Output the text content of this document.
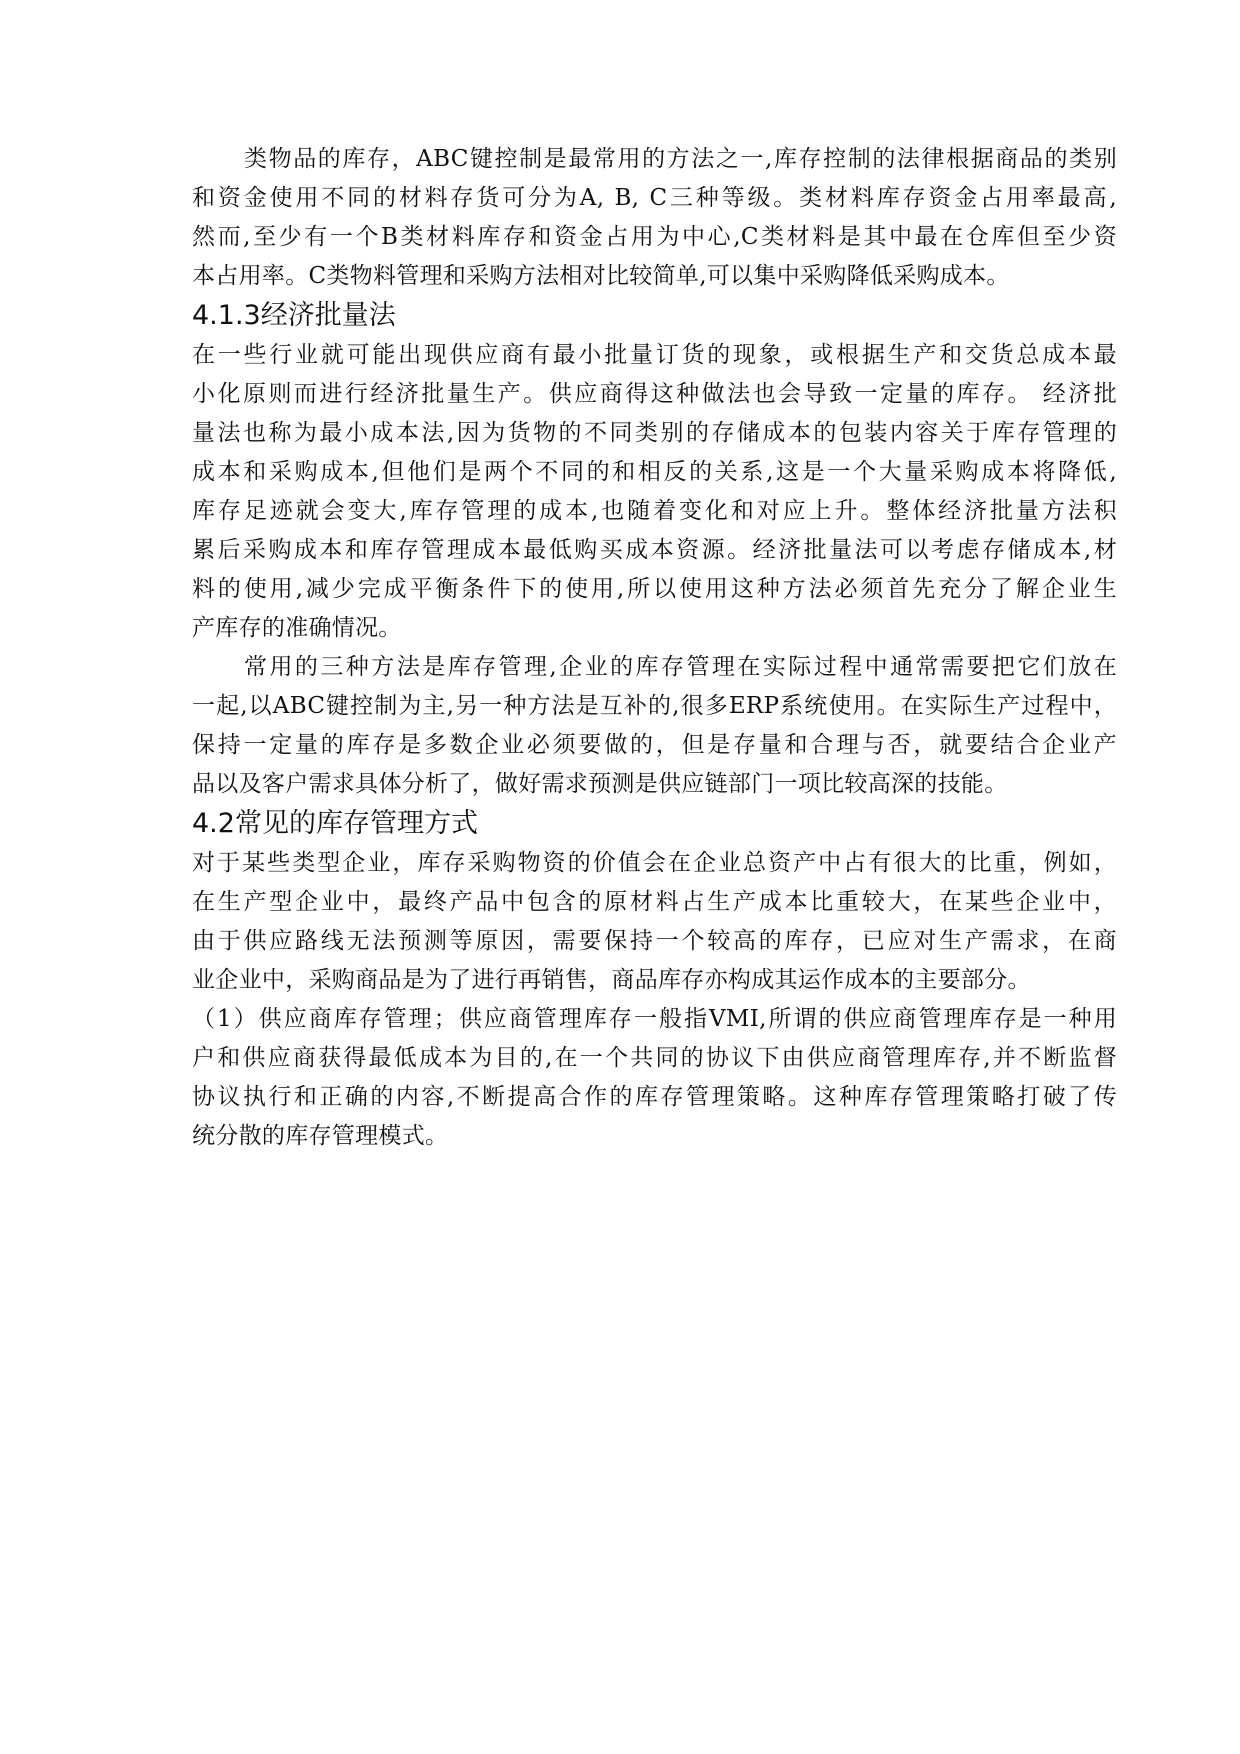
类物品的库存，ABC键控制是最常用的方法之一,库存控制的法律根据商品的类别
和资金使用不同的材料存货可分为A, B, C三种等级。类材料库存资金占用率最高,
然而,至少有一个B类材料库存和资金占用为中心,C类材料是其中最在仓库但至少资
本占用率。C类物料管理和采购方法相对比较简单,可以集中采购降低采购成本。
4.1.3经济批量法
在一些行业就可能出现供应商有最小批量订货的现象，或根据生产和交货总成本最
小化原则而进行经济批量生产。供应商得这种做法也会导致一定量的库存。 经济批
量法也称为最小成本法,因为货物的不同类别的存储成本的包装内容关于库存管理的
成本和采购成本,但他们是两个不同的和相反的关系,这是一个大量采购成本将降低,
库存足迹就会变大,库存管理的成本,也随着变化和对应上升。整体经济批量方法积
累后采购成本和库存管理成本最低购买成本资源。经济批量法可以考虑存储成本,材
料的使用,减少完成平衡条件下的使用,所以使用这种方法必须首先充分了解企业生
产库存的准确情况。
常用的三种方法是库存管理,企业的库存管理在实际过程中通常需要把它们放在
一起,以ABC键控制为主,另一种方法是互补的,很多ERP系统使用。在实际生产过程中，
保持一定量的库存是多数企业必须要做的，但是存量和合理与否，就要结合企业产
品以及客户需求具体分析了，做好需求预测是供应链部门一项比较高深的技能。
4.2常见的库存管理方式
对于某些类型企业，库存采购物资的价值会在企业总资产中占有很大的比重，例如，
在生产型企业中，最终产品中包含的原材料占生产成本比重较大，在某些企业中，
由于供应路线无法预测等原因，需要保持一个较高的库存，已应对生产需求，在商
业企业中，采购商品是为了进行再销售，商品库存亦构成其运作成本的主要部分。
（1）供应商库存管理；供应商管理库存一般指VMI,所谓的供应商管理库存是一种用
户和供应商获得最低成本为目的,在一个共同的协议下由供应商管理库存,并不断监督
协议执行和正确的内容,不断提高合作的库存管理策略。这种库存管理策略打破了传
统分散的库存管理模式。
